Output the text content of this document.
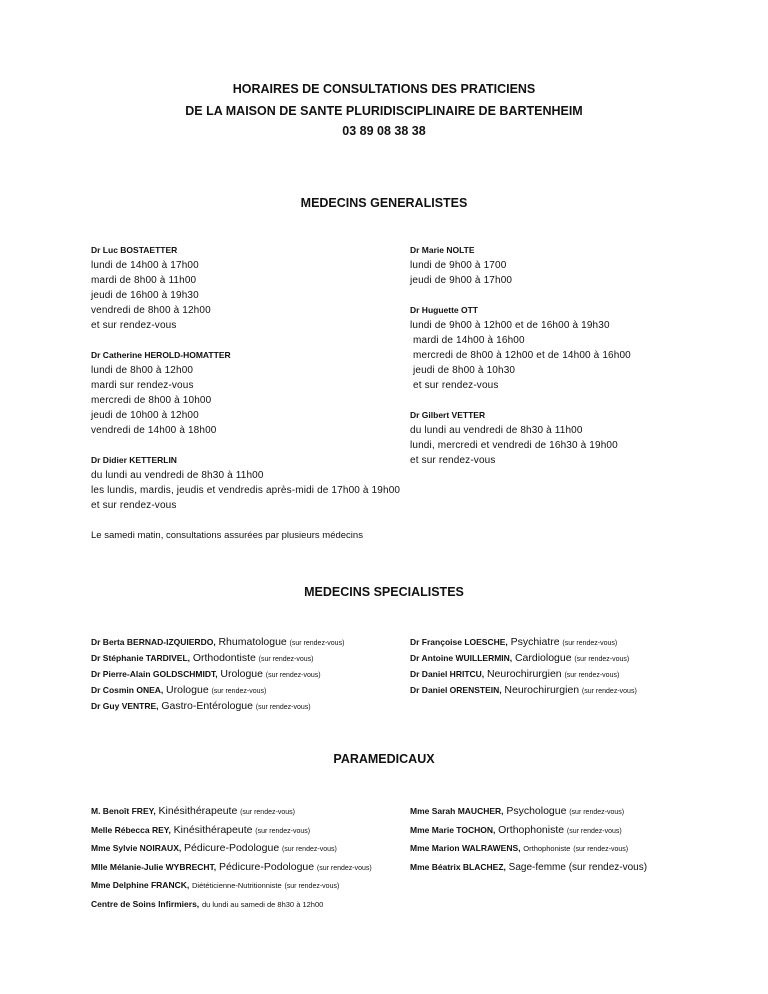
HORAIRES DE CONSULTATIONS DES PRATICIENS
DE LA MAISON DE SANTE PLURIDISCIPLINAIRE DE BARTENHEIM
03 89 08 38 38
MEDECINS GENERALISTES
Dr Luc BOSTAETTER
lundi de 14h00 à 17h00
mardi de 8h00 à 11h00
jeudi de 16h00 à 19h30
vendredi de 8h00 à 12h00
et sur rendez-vous
Dr Catherine HEROLD-HOMATTER
lundi de 8h00 à 12h00
mardi sur rendez-vous
mercredi de 8h00 à 10h00
jeudi de 10h00 à 12h00
vendredi de 14h00 à 18h00
Dr Didier KETTERLIN
du lundi au vendredi de 8h30 à 11h00
les lundis, mardis, jeudis et vendredis après-midi de 17h00 à 19h00
et sur rendez-vous
Dr Marie NOLTE
lundi de 9h00 à 1700
jeudi de 9h00 à 17h00
Dr Huguette OTT
lundi de 9h00 à 12h00 et de 16h00 à 19h30
mardi de 14h00 à 16h00
mercredi de 8h00 à 12h00 et de 14h00 à 16h00
jeudi de 8h00 à 10h30
et sur rendez-vous
Dr Gilbert VETTER
du lundi au vendredi de 8h30 à 11h00
lundi, mercredi et vendredi de 16h30 à 19h00
et sur rendez-vous
Le samedi matin, consultations assurées par plusieurs médecins
MEDECINS SPECIALISTES
Dr Berta BERNAD-IZQUIERDO, Rhumatologue (sur rendez-vous)
Dr Stéphanie TARDIVEL, Orthodontiste (sur rendez-vous)
Dr Pierre-Alain GOLDSCHMIDT, Urologue (sur rendez-vous)
Dr Cosmin ONEA, Urologue (sur rendez-vous)
Dr Guy VENTRE, Gastro-Entérologue (sur rendez-vous)
Dr Françoise LOESCHE, Psychiatre (sur rendez-vous)
Dr Antoine WUILLERMIN, Cardiologue (sur rendez-vous)
Dr Daniel HRITCU, Neurochirurgien (sur rendez-vous)
Dr Daniel ORENSTEIN, Neurochirurgien (sur rendez-vous)
PARAMEDICAUX
M. Benoît FREY, Kinésithérapeute (sur rendez-vous)
Melle Rébecca REY, Kinésithérapeute (sur rendez-vous)
Mme Sylvie NOIRAUX, Pédicure-Podologue (sur rendez-vous)
Mlle Mélanie-Julie WYBRECHT, Pédicure-Podologue (sur rendez-vous)
Mme Delphine FRANCK, Diététicienne-Nutritionniste (sur rendez-vous)
Centre de Soins Infirmiers, du lundi au samedi de 8h30 à 12h00
Mme Sarah MAUCHER, Psychologue (sur rendez-vous)
Mme Marie TOCHON, Orthophoniste (sur rendez-vous)
Mme Marion WALRAWENS, Orthophoniste (sur rendez-vous)
Mme Béatrix BLACHEZ, Sage-femme (sur rendez-vous)
